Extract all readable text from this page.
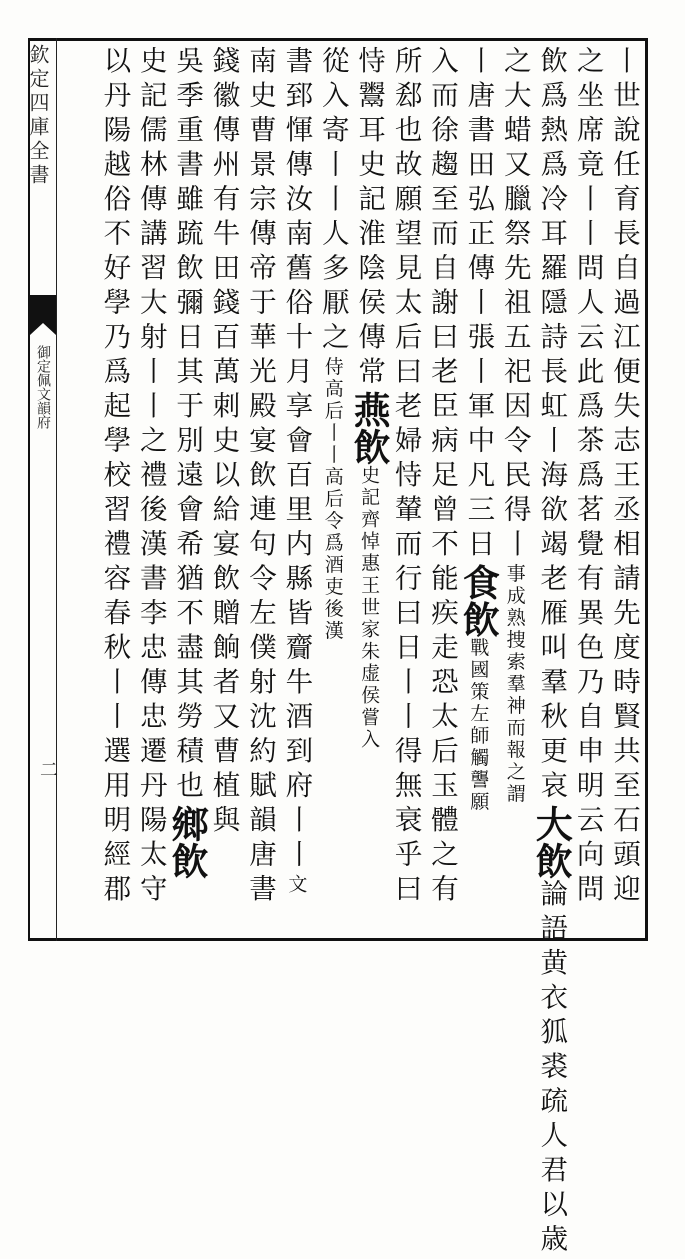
欽定四庫全書
御定佩文韻府
二	丨世說任育長自過江便失志王丞相請先度時賢共至石頭迎
之坐席竟丨丨問人云此爲茶爲茗覺有異色乃自申明云向問
飲爲熱爲冷耳羅隱詩長虹丨海欲竭老雁叫羣秋更哀大飲論語黄衣狐裘疏人君以歳
之大蜡又臘祭先祖五祀因令民得丨事成熟捜索羣神而報之謂
丨唐書田弘正傳丨張丨軍中凡三日食飲戰國策左師觸讋願
入而徐趨至而自謝曰老臣病足曾不能疾走恐太后玉體之有
所郄也故願望見太后曰老婦恃輦而行曰日丨丨得無衰乎曰
恃鬻耳史記淮陰侯傳常燕飲史記齊悼惠王世家朱虚侯嘗入
從入寄丨丨人多厭之侍高后丨丨高后令爲酒吏後漢
書郅惲傳汝南舊俗十月享會百里内縣皆齎牛酒到府丨丨文
南史曹景宗傳帝于華光殿宴飲連句令左僕射沈約賦韻唐書
錢徽傳州有牛田錢百萬刺史以給宴飲贈餉者又曹植與
吳季重書雖䟽飲彌日其于別遠會希猶不盡其勞積也鄉飲
史記儒林傳講習大射丨丨之禮後漢書李忠傳忠遷丹陽太守
以丹陽越俗不好學乃爲起學校習禮容春秋丨丨選用明經郡
